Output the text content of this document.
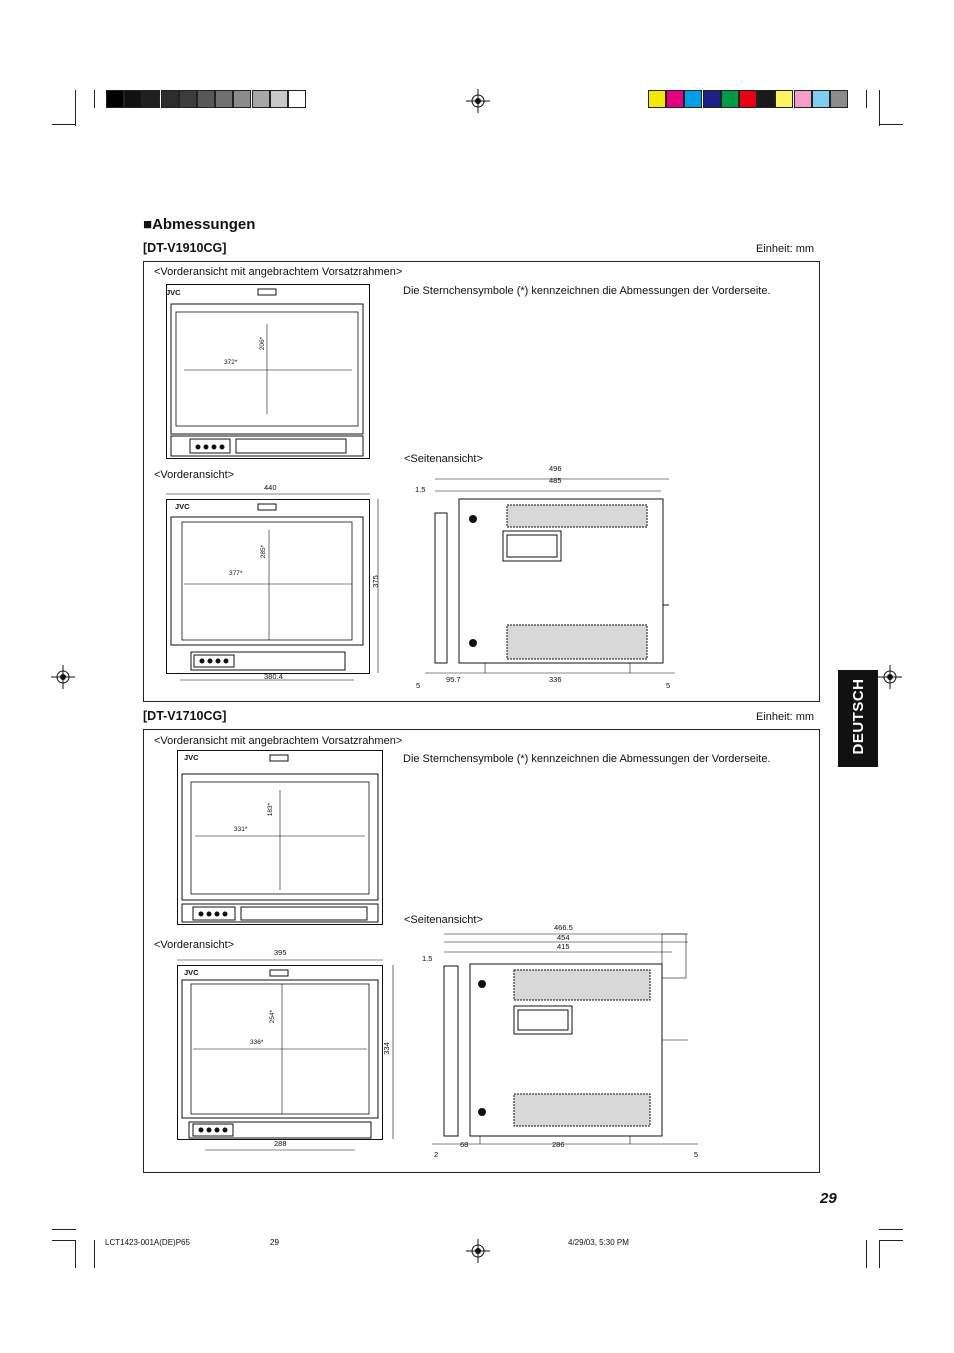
■Abmessungen
DEUTSCH
[DT-V1910CG]	Einheit: mm
<Vorderansicht mit angebrachtem Vorsatzrahmen>
Die Sternchensymbole (*) kennzeichnen die Abmessungen der Vorderseite.
<Vorderansicht>
<Seitenansicht>
JVC
372*
206*
JVC
440
377*
285*
375
380.4
496
485
1.5
5
95.7	336
5
[DT-V1710CG]	Einheit: mm
<Vorderansicht mit angebrachtem Vorsatzrahmen>
Die Sternchensymbole (*) kennzeichnen die Abmessungen der Vorderseite.
<Vorderansicht>
<Seitenansicht>
JVC
331*
183*
JVC
395
336*
254*
334
288
466.5
454
415
1.5
2
68	286
5
29
LCT1423-001A(DE)P65	29	4/29/03, 5:30 PM
